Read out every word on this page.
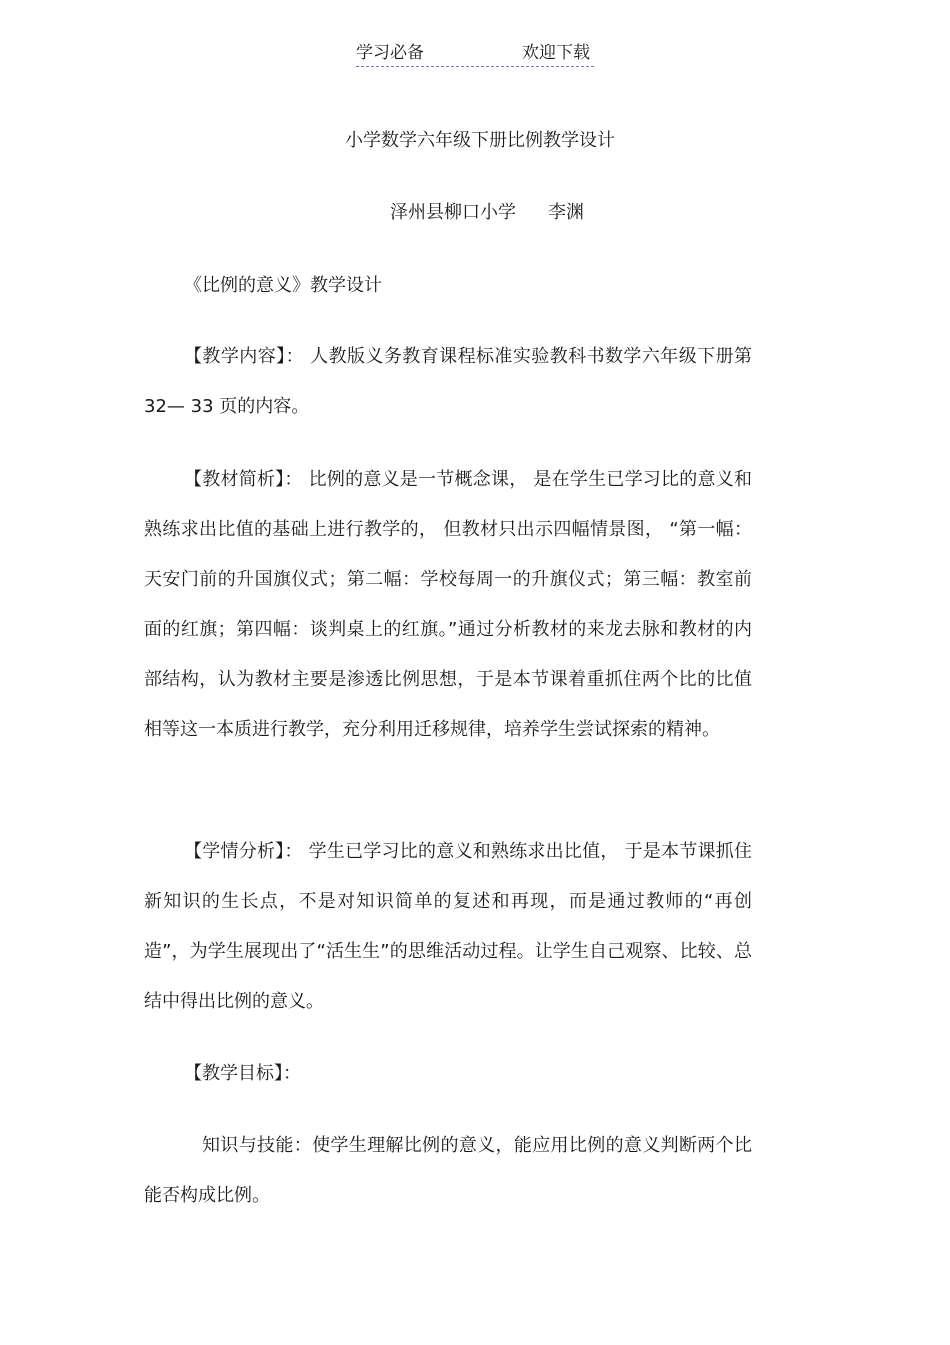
学习必备	欢迎下载
小学数学六年级下册比例教学设计
泽州县柳口小学 李渊

《比例的意义》教学设计

【教学内容】： 人教版义务教育课程标准实验教科书数学六年级下册第 32— 33 页的内容。

【教材简析】： 比例的意义是一节概念课， 是在学生已学习比的意义和熟练求出比值的基础上进行教学的， 但教材只出示四幅情景图， “第一幅：天安门前的升国旗仪式；第二幅：学校每周一的升旗仪式；第三幅：教室前面的红旗；第四幅：谈判桌上的红旗。”通过分析教材的来龙去脉和教材的内部结构，认为教材主要是渗透比例思想，于是本节课着重抓住两个比的比值相等这一本质进行教学，充分利用迁移规律，培养学生尝试探索的精神。

【学情分析】： 学生已学习比的意义和熟练求出比值， 于是本节课抓住新知识的生长点，不是对知识简单的复述和再现，而是通过教师的“再创造”，为学生展现出了“活生生”的思维活动过程。让学生自己观察、比较、总结中得出比例的意义。

【教学目标】：

知识与技能：使学生理解比例的意义，能应用比例的意义判断两个比能否构成比例。
